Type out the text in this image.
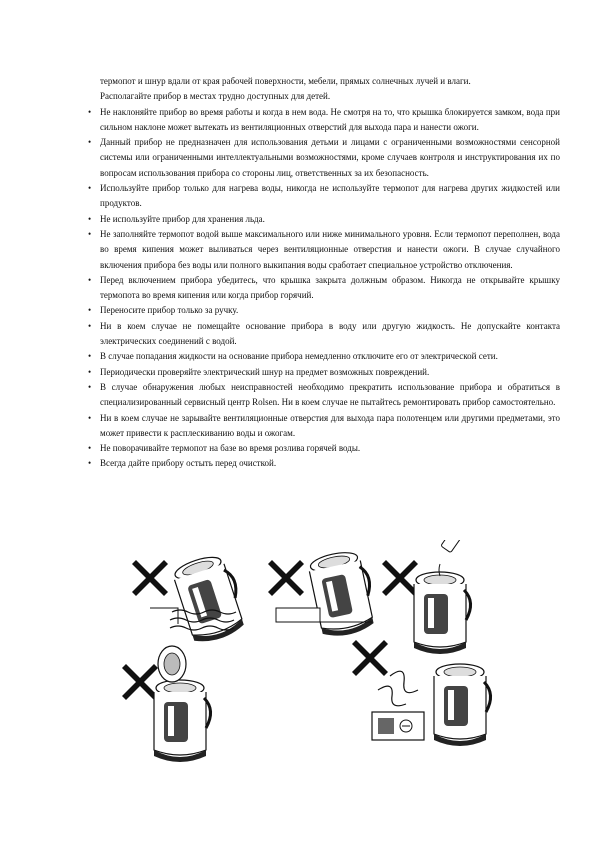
термопот и шнур вдали от края рабочей поверхности, мебели, прямых солнечных лучей и влаги.

Располагайте прибор в местах трудно доступных для детей.

• Не наклоняйте прибор во время работы и когда в нем вода. Не смотря на то, что крышка блокируется замком, вода при сильном наклоне может вытекать из вентиляционных отверстий для выхода пара и нанести ожоги.

• Данный прибор не предназначен для использования детьми и лицами с ограниченными возможностями сенсорной системы или ограниченными интеллектуальными возможностями, кроме случаев контроля и инструктирования их по вопросам использования прибора со стороны лиц, ответственных за их безопасность.

• Используйте прибор только для нагрева воды, никогда не используйте термопот для нагрева других жидкостей или продуктов.

• Не используйте прибор для хранения льда.

• Не заполняйте термопот водой выше максимального или ниже минимального уровня. Если термопот переполнен, вода во время кипения может выливаться через вентиляционные отверстия и нанести ожоги. В случае случайного включения прибора без воды или полного выкипания воды сработает специальное устройство отключения.

• Перед включением прибора убедитесь, что крышка закрыта должным образом. Никогда не открывайте крышку термопота во время кипения или когда прибор горячий.

• Переносите прибор только за ручку.

• Ни в коем случае не помещайте основание прибора в воду или другую жидкость. Не допускайте контакта электрических соединений с водой.

• В случае попадания жидкости на основание прибора немедленно отключите его от электрической сети.

• Периодически проверяйте электрический шнур на предмет возможных повреждений.

• В случае обнаружения любых неисправностей необходимо прекратить использование прибора и обратиться в специализированный сервисный центр Rolsen. Ни в коем случае не пытайтесь ремонтировать прибор самостоятельно.

• Ни в коем случае не зарывайте вентиляционные отверстия для выхода пара полотенцем или другими предметами, это может привести к расплескиванию воды и ожогам.

• Не поворачивайте термопот на базе во время розлива горячей воды.

• Всегда дайте прибору остыть перед очисткой.
